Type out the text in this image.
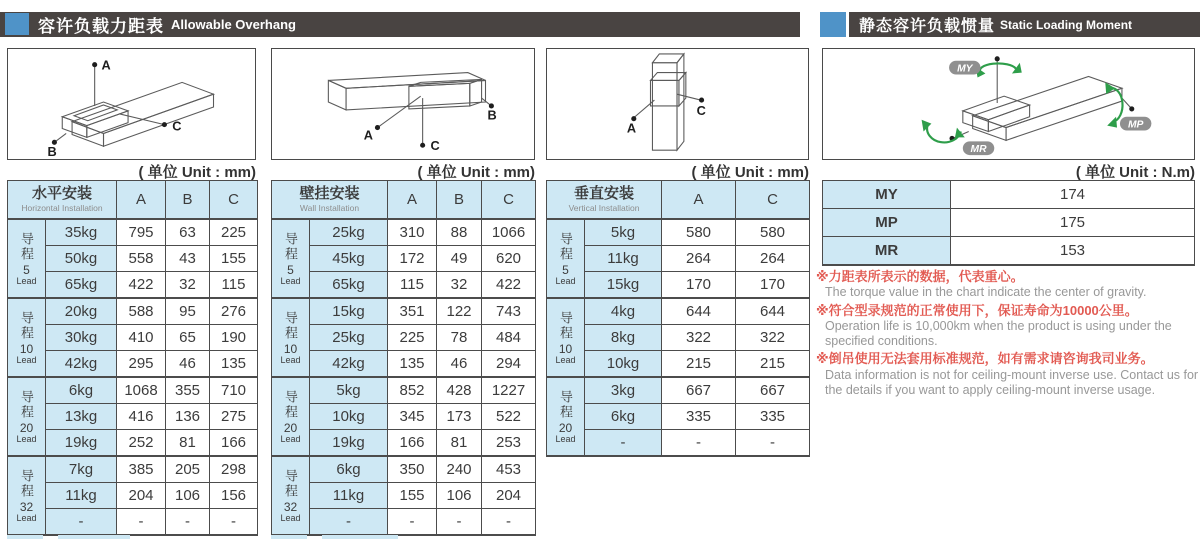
容许负载力距表 Allowable Overhang	静态容许负载惯量 Static Loading Moment
A
B
C
B
A
C
A
C
MY
MP
MR
( 单位 Unit : mm)	( 单位 Unit : mm)	( 单位 Unit : mm)	( 单位 Unit : N.m)
水平安装
Horizontal Installation		A	B	C

导程
5
Lead	35kg	795	63	225
	50kg	558	43	155
	65kg	422	32	115

导程
10
Lead	20kg	588	95	276
	30kg	410	65	190
	42kg	295	46	135

导程
20
Lead	6kg	1068	355	710
	13kg	416	136	275
	19kg	252	81	166

导程
32
Lead	7kg	385	205	298
	11kg	204	106	156
	-	-	-	-
壁挂安装
Wall Installation		A	B	C

导程
5
Lead	25kg	310	88	1066
	45kg	172	49	620
	65kg	115	32	422

导程
10
Lead	15kg	351	122	743
	25kg	225	78	484
	42kg	135	46	294

导程
20
Lead	5kg	852	428	1227
	10kg	345	173	522
	19kg	166	81	253

导程
32
Lead	6kg	350	240	453
	11kg	155	106	204
	-	-	-	-
垂直安装
Vertical Installation		A	C

导程
5
Lead	5kg	580	580
	11kg	264	264
	15kg	170	170

导程
10
Lead	4kg	644	644
	8kg	322	322
	10kg	215	215

导程
20
Lead	3kg	667	667
	6kg	335	335
	-	-	-
MY	174
MP	175
MR	153

※力距表所表示的数据，代表重心。

The torque value in the chart indicate the center of gravity.

※符合型录规范的正常使用下，保证寿命为10000公里。

Operation life is 10,000km when the product is using under the specified conditions.

※倒吊使用无法套用标准规范，如有需求请咨询我司业务。

Data information is not for ceiling-mount inverse use. Contact us for the details if you want to apply ceiling-mount inverse usage.
